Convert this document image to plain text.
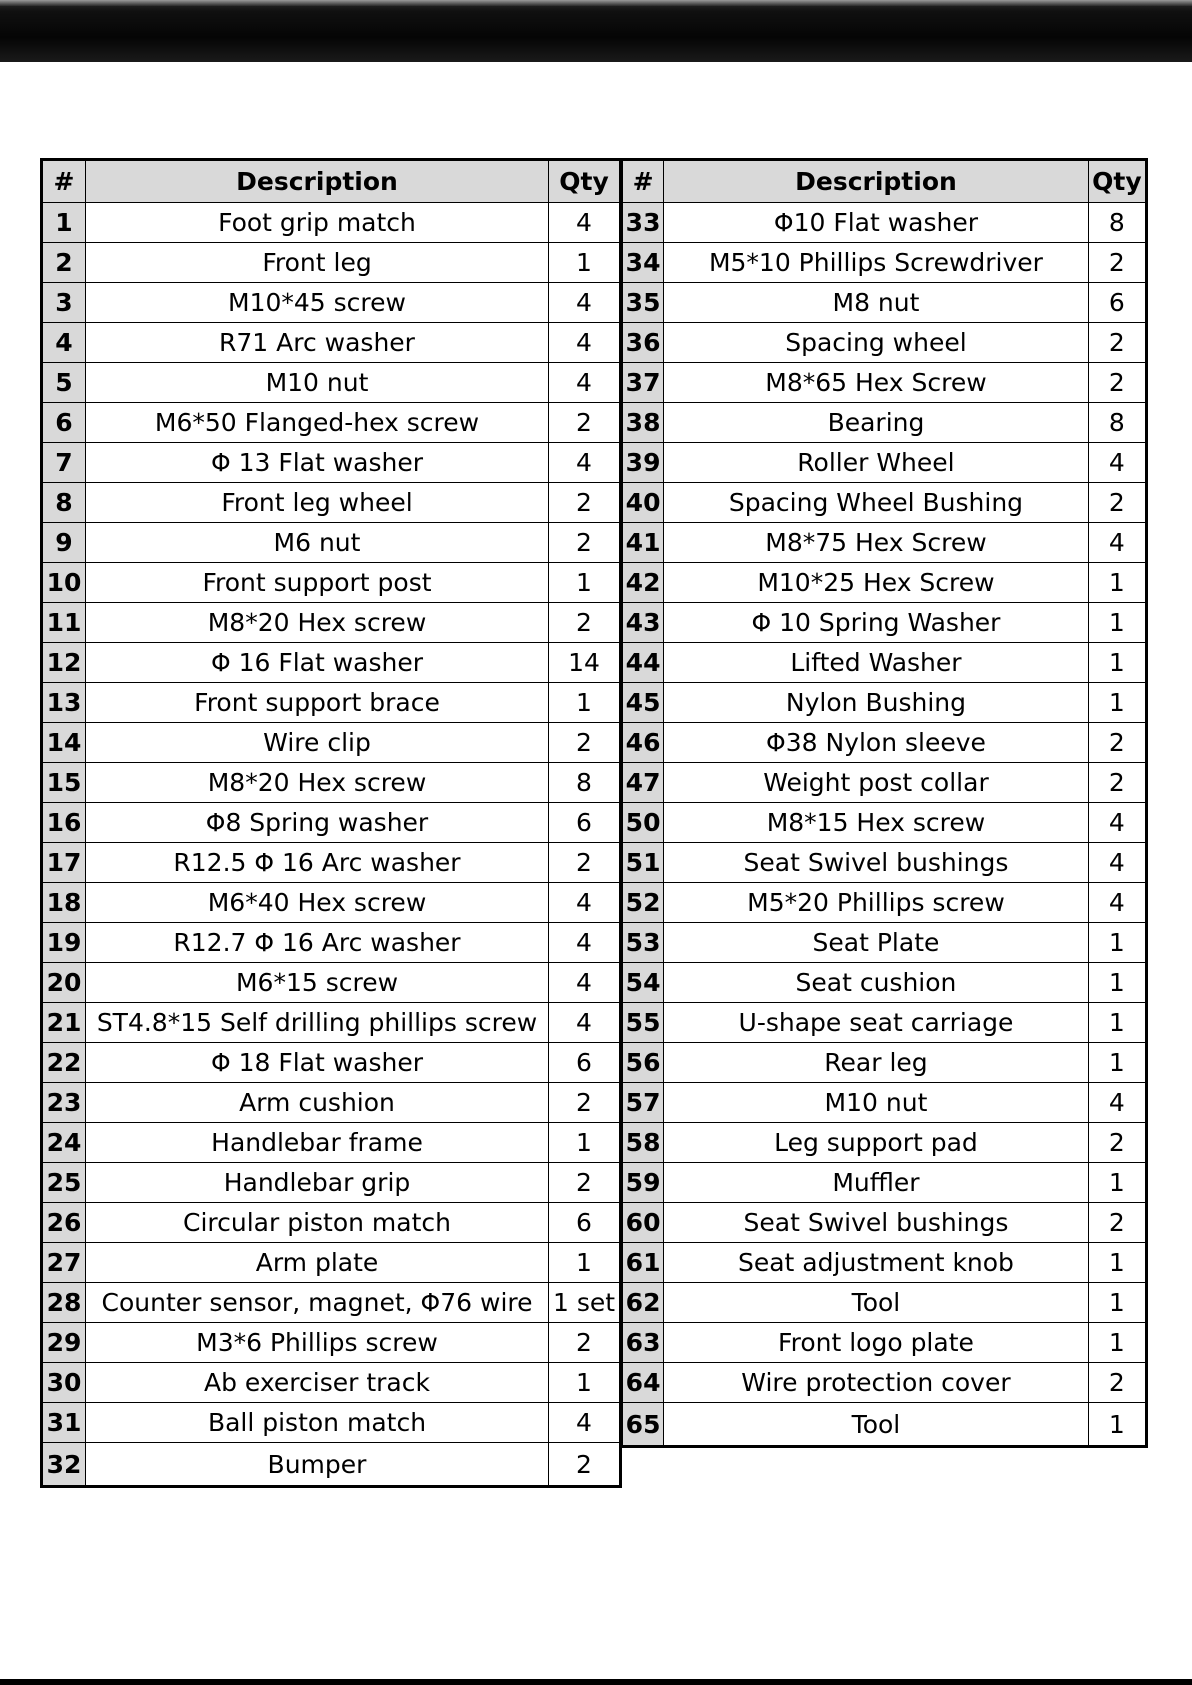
#	Description	Qty
1	Foot grip match	4
2	Front leg	1
3	M10*45 screw	4
4	R71 Arc washer	4
5	M10 nut	4
6	M6*50 Flanged-hex screw	2
7	Φ 13 Flat washer	4
8	Front leg wheel	2
9	M6 nut	2
10	Front support post	1
11	M8*20 Hex screw	2
12	Φ 16 Flat washer	14
13	Front support brace	1
14	Wire clip	2
15	M8*20 Hex screw	8
16	Φ8 Spring washer	6
17	R12.5 Φ 16 Arc washer	2
18	M6*40 Hex screw	4
19	R12.7 Φ 16 Arc washer	4
20	M6*15 screw	4
21	ST4.8*15 Self drilling phillips screw	4
22	Φ 18 Flat washer	6
23	Arm cushion	2
24	Handlebar frame	1
25	Handlebar grip	2
26	Circular piston match	6
27	Arm plate	1
28	Counter sensor, magnet, Φ76 wire	1 set
29	M3*6 Phillips screw	2
30	Ab exerciser track	1
31	Ball piston match	4
32	Bumper	2
#	Description	Qty
33	Φ10 Flat washer	8
34	M5*10 Phillips Screwdriver	2
35	M8 nut	6
36	Spacing wheel	2
37	M8*65 Hex Screw	2
38	Bearing	8
39	Roller Wheel	4
40	Spacing Wheel Bushing	2
41	M8*75 Hex Screw	4
42	M10*25 Hex Screw	1
43	Φ 10 Spring Washer	1
44	Lifted Washer	1
45	Nylon Bushing	1
46	Φ38 Nylon sleeve	2
47	Weight post collar	2
50	M8*15 Hex screw	4
51	Seat Swivel bushings	4
52	M5*20 Phillips screw	4
53	Seat Plate	1
54	Seat cushion	1
55	U-shape seat carriage	1
56	Rear leg	1
57	M10 nut	4
58	Leg support pad	2
59	Muffler	1
60	Seat Swivel bushings	2
61	Seat adjustment knob	1
62	Tool	1
63	Front logo plate	1
64	Wire protection cover	2
65	Tool	1
